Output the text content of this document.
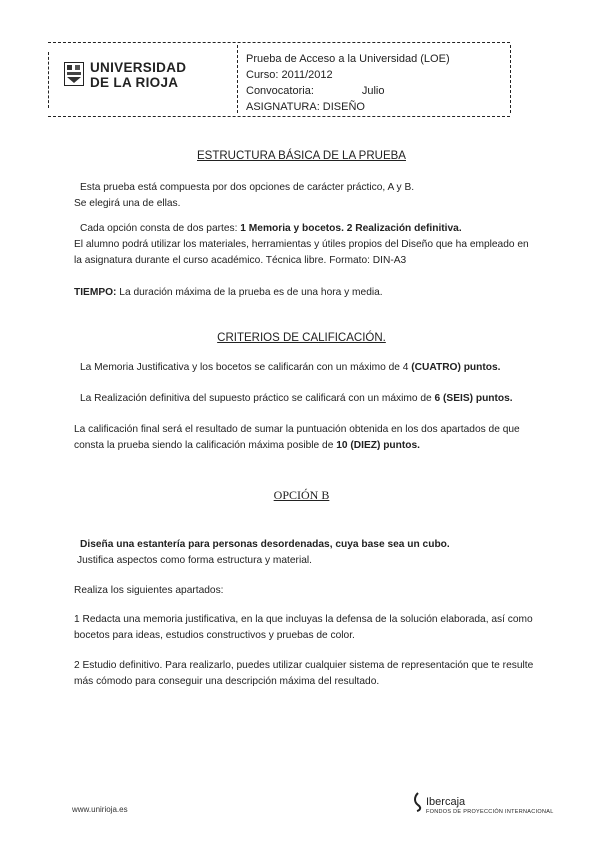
UNIVERSIDAD
DE LA RIOJA
Prueba de Acceso a la Universidad (LOE)
Curso: 2011/2012
Convocatoria:	Julio
ASIGNATURA: DISEÑO
ESTRUCTURA BÁSICA DE LA PRUEBA
Esta prueba está compuesta por dos opciones de carácter práctico, A y B.
Se elegirá una de ellas.
Cada opción consta de dos partes: 1 Memoria y bocetos. 2 Realización definitiva.
El alumno podrá utilizar los materiales, herramientas y útiles propios del Diseño que ha empleado en la asignatura durante el curso académico. Técnica libre. Formato: DIN-A3
TIEMPO: La duración máxima de la prueba es de una hora y media.
CRITERIOS DE CALIFICACIÓN.
La Memoria Justificativa y los bocetos se calificarán con un máximo de 4 (CUATRO) puntos.
La Realización definitiva del supuesto práctico se calificará con un máximo de 6 (SEIS) puntos.
La calificación final será el resultado de sumar la puntuación obtenida en los dos apartados de que consta la prueba siendo la calificación máxima posible de 10 (DIEZ) puntos.
OPCIÓN B
Diseña una estantería para personas desordenadas, cuya base sea un cubo.
Justifica aspectos como forma estructura y material.
Realiza los siguientes apartados:
1 Redacta una memoria justificativa, en la que incluyas la defensa de la solución elaborada, así como bocetos para ideas, estudios constructivos y pruebas de color.
2 Estudio definitivo. Para realizarlo, puedes utilizar cualquier sistema de representación que te resulte más cómodo para conseguir una descripción máxima del resultado.
www.unirioja.es
Ibercaja
FONDOS DE PROYECCIÓN INTERNACIONAL
